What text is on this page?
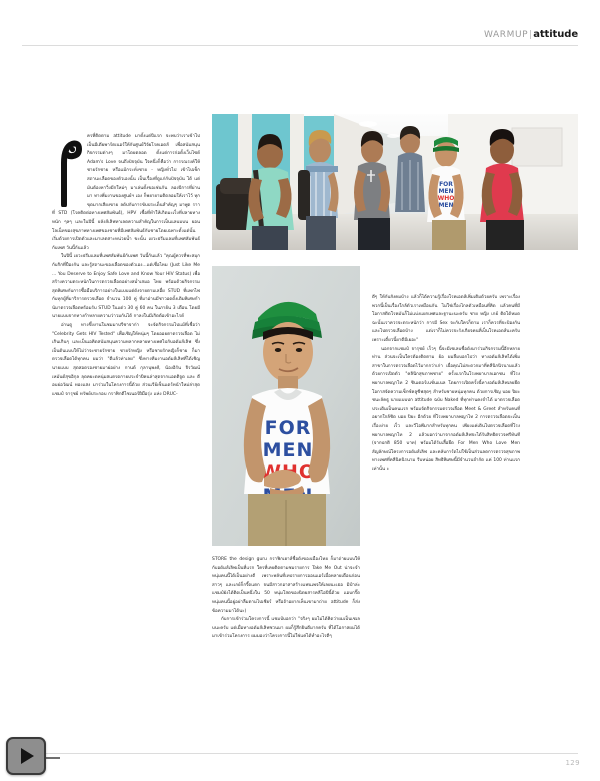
WARMUP|attitude
FOR
MEN
WHO
MEN
FOR
MEN

ครที่ติดตาม attitude มาตั้งแต่ปีแรก จะพบว่าเราเข้าไปเป็นมีเดียพาร์ตเนอร์ให้กับศูนย์วิจัยโรคเอดส์ เพื่อสนับสนุนกิจกรรมต่างๆ มาโดยตลอด ตั้งแต่การก่อตั้งเว็บไซต์ Adam's Love จนถึงปัจจุบัน ใจหนึ่งก็คือว่า การรณรงค์ให้ชายรักชาย หรือแม้กระทั่งชาย - หญิงทั่วไป เข้าไปเช็กสถานะเลือดของตัวเองนั้น เป็นเรื่องที่ดูแก่กับปัจจุบัน ได้ แต่มันต้องหาวิ่งมีกใหม่ๆ มาเล่นตั้งขอเช่นกัน ลองปีการที่ผ่านมา ทางพี่มงานของศูนย์ฯ เอง ก็พยายามติดลอมให้เราไว้ ทุกขุดมากเสียงขาย ลดัปกับการขับประเด็นสำคัญๆ มาพูด ราาที่ STD (โรคติดต่อทางเพศสัมพันธ์), HPV เชื้อที่ทำให้เกิดมะเร็งที่ปลายทางหนัก ๆลๆ และในปีนี้ ยลังส์เลิฟทาเลดความสำคัญในการเป็นแลบมบน ยอนโลเน็ทของสุขภาพทางเพศของชายที่มีเพศสัมพันธ์กับชายโดยเฉพาะตั้งแต่นั้น เริ่มด้วยการเปิดตัวและมาเลตสาะหน่วยน้ำ ขะนั้น เยวะธรีมแลมที่แพศสัมพันธ์กับเพศ วันนี้กันแล้ว

ในปีนี้ เยวะธรีมแลมที่แพศสัมพันธ์กับเพศ วันนี้กันแล้ว "คุณผู้ควรที่พะสมุกกับกิกที่ปืองกัน และรู้สถานะของเลือดของตัวเอง...แต่เชื่อไหม (Just Like Me ... You Deserve to Enjoy Safe Love and Know Your HIV Status) เพื่อสร้างความตระหนักในการตรวจเลือดอย่างสม่ำเสมอ ไทย พร้อมด้วยกิจกรรมสุดพิเศษกับการซื้อมือบริการอย่างในแบบแต่ดังจายตามเลอื่ย STUD ที่แพกไฟกับทุกผู้ที่มาริการตรวจเลือด จำนวน 100 คู่ ที่มาอ่านมีชาวอดดั้งเดิมพิเศษกำนัมาตรวจเลือดพร้อมรับ STUD ในแต่ว 30 คู่ 60 คน ในภาย้น 3 เดือน โดยมีนายแบบจากทางกำหลายความว่าวมกันได้ กาลงในมีเกิดต้อเข้าอะไรต์

อ่านดู ทางขึ้งงานในชมมาปรีชาจาก่า จะจัดกิจกรรมไปแม้ที่เชื่อว่า "Celebrity Gets HIV Tested" เพื่อเชิญให้หนุ่มๆ โดยออยตาตรวจเลือด ไม่เกินเกินๆ และเป็นเอคิดสนับสนุนความหลากหลายทางเพศไปกับอดัมส์เลิฟ ซึ่งเป็นต้นแบบให้ไม่ว่าจะชายรักชาย ชายรักหญิง หรือชายรักหญิงก็ชาย ก็มาตรวจเลือดได้ทุกคน ผมว่า "ดีแล้วท่าเลย" ซึ่งทางทีมงานอดัมส์เลิฟที่ได้เชิญนายแบบ สุดสอดรองชายมาย่อย่าง กานต์ กุลานุพงศ์, น้องอิรัน จิรวัฒน์ เหมันต์สุขอิกุล ลุดคยะดหนุ่มสแตรดกายประจำปีคนล่าสุดจากแอดติจูด และ ดีอบย่อวัฒน์ ทองแสง มาร่วมในโครงการนี้ด้วย ส่วนเรีย์เซ็นแดร์หน้าใหม่ล่าสุด แชมป์ จารุชย์ ทรัพย์ประกอบ กราฟิกดีไซเนอร์ฝีมือรุ่ง แห่ง DRUC-

STORE the design guru กราฟิกเฮาส์ชื่อดังของเมืองไทย ก็มาถ่ายแบบให้กับอดัมส์เลิฟเป็นที่แรก ใครที่เคยติดตามชมรายการ Take Me Out น่าจะจำหนุ่มคนนี้ได้เป็นอย่างดี เพราะพลันที่เทปรายการออนแอร์เมื่อหลายเดือนก่อน สาวๆ และเกย์ก็กรี๊ดแตก จนมีสาวกอาสาสร้างแฟนเพจให้เลยนะเธอ มิปำล่ะ แชมป์ยังได้ติดเป็นหนึ่งใน 50 หนุ่มโสดของนิตยสารคลีโอปีนี้ด้วย แอบกรี๊ดหนุ่มคนนี้อยู่อย่าลืมตามไปเชียร์ หรือถ้าอยากเห็นเขามาถ่าย attitude ก็ส่งข้อความมาได้นะ)

กับการเข้าร่วมโครงการนี้ แชมป์บอกว่า "จริงๆ ผมไม่ได้คิดว่าผมเป็นเซเลบนะครับ แต่เมื่อทางอดัมส์เลิฟชวนมา ผมก็รู้สึกยินดีมากครับ ที่ได้โอกาสผมได้มาเข้าร่วมโครงการ ผมมองว่าโครงการนี้ไม่ใช่แค่ได้ทำอะไรดีๆ

ดีๆ ให้กับสังคมบ้าง แล้วก็ได้ความรู้เรื่องโรคเอดส์เพิ่มเติมด้วยครับ เพราะเรื่องพวกนี้เป็นเรื่องใกล้ตัวเราเหมือนกัน ไม่ใช่เรื่องไกลตัวเหมือนที่คิด แล้วคนที่มีโอกาสติดโรคมันก็ไม่แบ่งแยกเพศและฐานะนะครับ ชาย หญิง เกย์ ติดได้หมด ฉะนั้นเราควรจะตระหนักว่า การมี Sex จะกับใครก็ตาม เราก็ควรที่จะป้องกัน และไปตรวจเลือดบ้าง แต่เราก็ไม่ควรจะรังเกียจคนที่เป็นโรคเอดส์นะครับ เพราะเดี๋ยวนี้ยาดีมีเยอะ"

นอกจากแชมป์ จารุชย์ เร็วๆ นี้จะมีเซเลบชื่อดังมาร่วมกิจกรรมนี้อีกหลายท่าน ส่วนจะเป็นใครต้องติดตาม ย้อ ผมลืมบอกไปว่า ทางอดัมส์เลิฟได้เพิ่มสาขาในการตรวจเลือดไว้มากกว่าเก่า เผื่อคุณไม่สะดวกมาที่คลีนิกนิรนามแล้ว ด้วยการเปิดตัว "คลินิกสุขภาพชาย" ครั้งแรกในโรงพยาบาลเอกชน ที่โรงพยาบาลพญาไท 2 ชินเตอร์เนชั่นแนล โดยการเปิดครั้งนี้ทางอดัมส์เลิฟเลยยึดโอกาสจัดความเซ็กซ์คลูซีฟสุดๆ สำหรับชายหนุ่มทุกคน ด้วยการเชิญ บอย ปิยะชนะลัคธู นายแบบปก attitude ฉบับ Naked ที่ทุกท่านคงจำได้ มาตรวจเลือดประเดิมเป็นคนแรก พร้อมจัดกิจกรรมตรวจเลือด Meet & Greet สำหรับคนที่อยากใกล้ชิด บอย ปิยะ อีกด้วย ที่โรงพยาบาลพญาไท 2 การตรวจเลือดจะเป็นเรื่องง่าย เร็ว และวีไอพีมากสำหรับทุกคน เพียงแค่เดินไปตรวจเลือดที่โรงพยาบาลพญาไท 2 แล้วบอกว่ามาจากอดัมส์เลิฟจะได้รับสิทธิตรวจฟรีทันที (จากปกติ 850 บาท) พร้อมได้รับเสื้อยืด For Men Who Love Men สัญลักษณ์โครงการอดัมส์เลิฟ และคลับการ์ดไปใช้เป็นส่วนลดการตรวจสุขภาพทางเพศที่คลีนิคนิรนาม รีบหน่อย สิทธิพิเศษนี้มีจำนวนจำกัด แค่ 100 ท่านแรกเท่านั้น ะ

129
